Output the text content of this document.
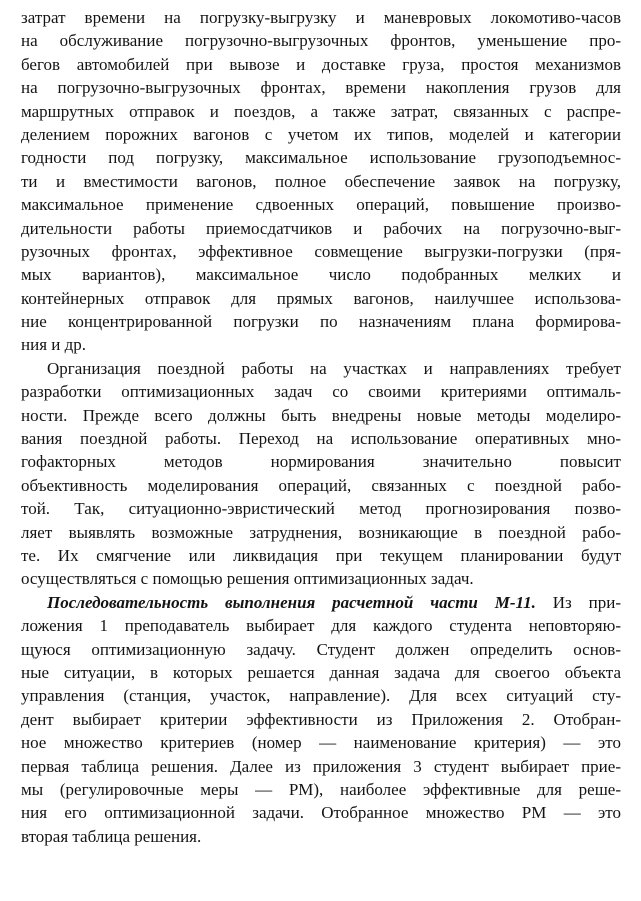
затрат времени на погрузку-выгрузку и маневровых локомотиво-часов
на обслуживание погрузочно-выгрузочных фронтов, уменьшение про-
бегов автомобилей при вывозе и доставке груза, простоя механизмов
на погрузочно-выгрузочных фронтах, времени накопления грузов для
маршрутных отправок и поездов, а также затрат, связанных с распре-
делением порожних вагонов с учетом их типов, моделей и категории
годности под погрузку, максимальное использование грузоподъемнос-
ти и вместимости вагонов, полное обеспечение заявок на погрузку,
максимальное применение сдвоенных операций, повышение произво-
дительности работы приемосдатчиков и рабочих на погрузочно-выг-
рузочных фронтах, эффективное совмещение выгрузки-погрузки (пря-
мых вариантов), максимальное число подобранных мелких и
контейнерных отправок для прямых вагонов, наилучшее использова-
ние концентрированной погрузки по назначениям плана формирова-
ния и др.
Организация поездной работы на участках и направлениях требует
разработки оптимизационных задач со своими критериями оптималь-
ности. Прежде всего должны быть внедрены новые методы моделиро-
вания поездной работы. Переход на использование оперативных мно-
гофакторных методов нормирования значительно повысит
объективность моделирования операций, связанных с поездной рабо-
той. Так, ситуационно-эвристический метод прогнозирования позво-
ляет выявлять возможные затруднения, возникающие в поездной рабо-
те. Их смягчение или ликвидация при текущем планировании будут
осуществляться с помощью решения оптимизационных задач.
Последовательность выполнения расчетной части М-11. Из при-
ложения 1 преподаватель выбирает для каждого студента неповторяю-
щуюся оптимизационную задачу. Студент должен определить основ-
ные ситуации, в которых решается данная задача для своегоо объекта
управления (станция, участок, направление). Для всех ситуаций сту-
дент выбирает критерии эффективности из Приложения 2. Отобран-
ное множество критериев (номер — наименование критерия) — это
первая таблица решения. Далее из приложения 3 студент выбирает прие-
мы (регулировочные меры — РМ), наиболее эффективные для реше-
ния его оптимизационной задачи. Отобранное множество РМ — это
вторая таблица решения.
